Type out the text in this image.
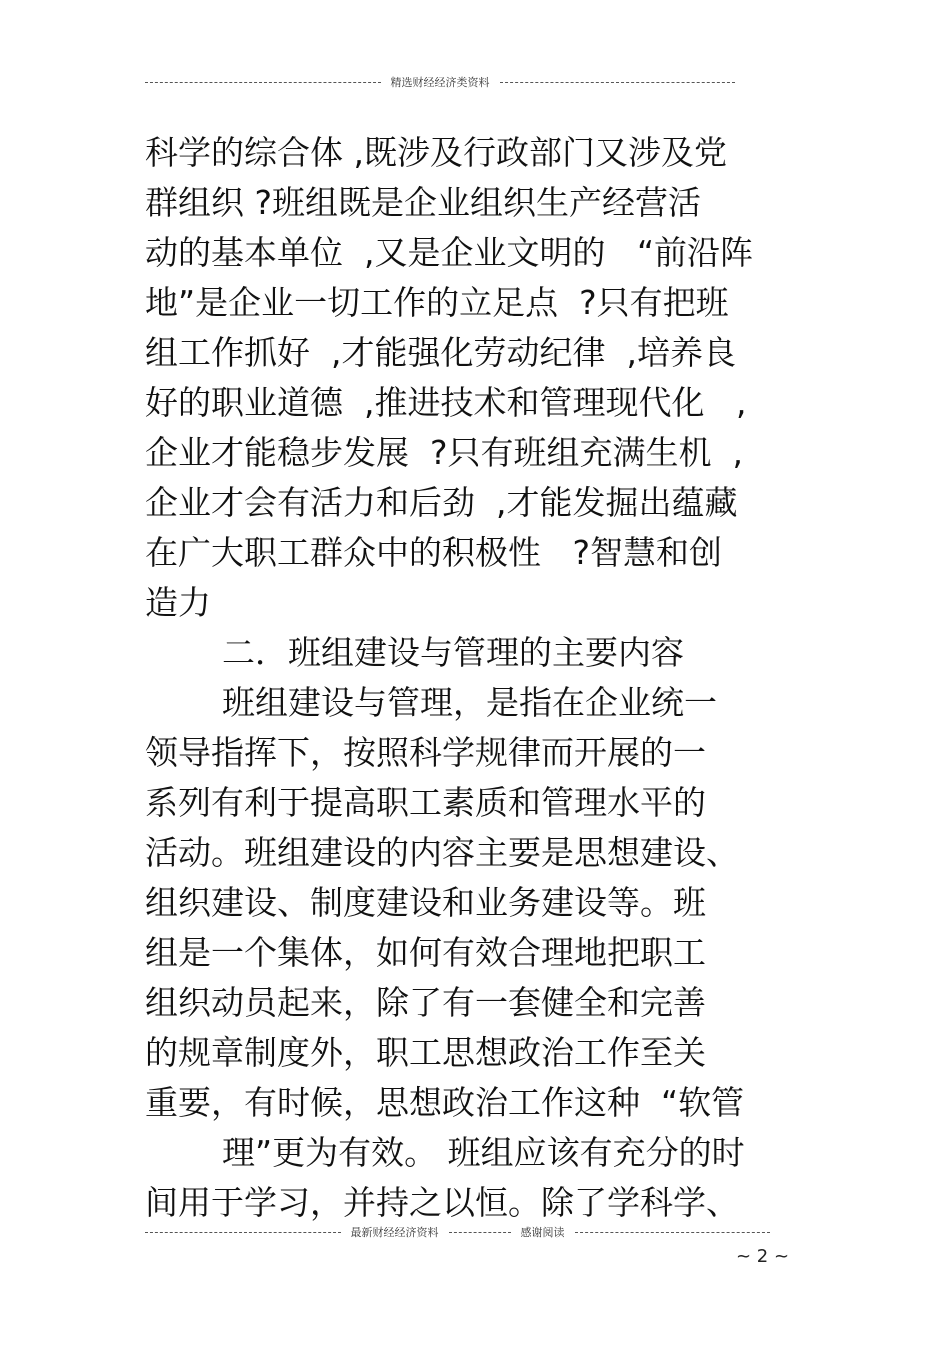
精选财经经济类资料
科学的综合体 ,既涉及行政部门又涉及党
群组织 ?班组既是企业组织生产经营活
动的基本单位  ,又是企业文明的   “前沿阵
地”是企业一切工作的立足点  ?只有把班
组工作抓好  ,才能强化劳动纪律  ,培养良
好的职业道德  ,推进技术和管理现代化   ,
企业才能稳步发展  ?只有班组充满生机  ,
企业才会有活力和后劲  ,才能发掘出蕴藏
在广大职工群众中的积极性   ?智慧和创
造力
二．班组建设与管理的主要内容
班组建设与管理，是指在企业统一
领导指挥下，按照科学规律而开展的一
系列有利于提高职工素质和管理水平的
活动。班组建设的内容主要是思想建设、
组织建设、制度建设和业务建设等。班
组是一个集体，如何有效合理地把职工
组织动员起来，除了有一套健全和完善
的规章制度外，职工思想政治工作至关
重要，有时候，思想政治工作这种  “软管
理”更为有效。 班组应该有充分的时
间用于学习，并持之以恒。除了学科学、
最新财经经济资料	感谢阅读
~ 2 ~
